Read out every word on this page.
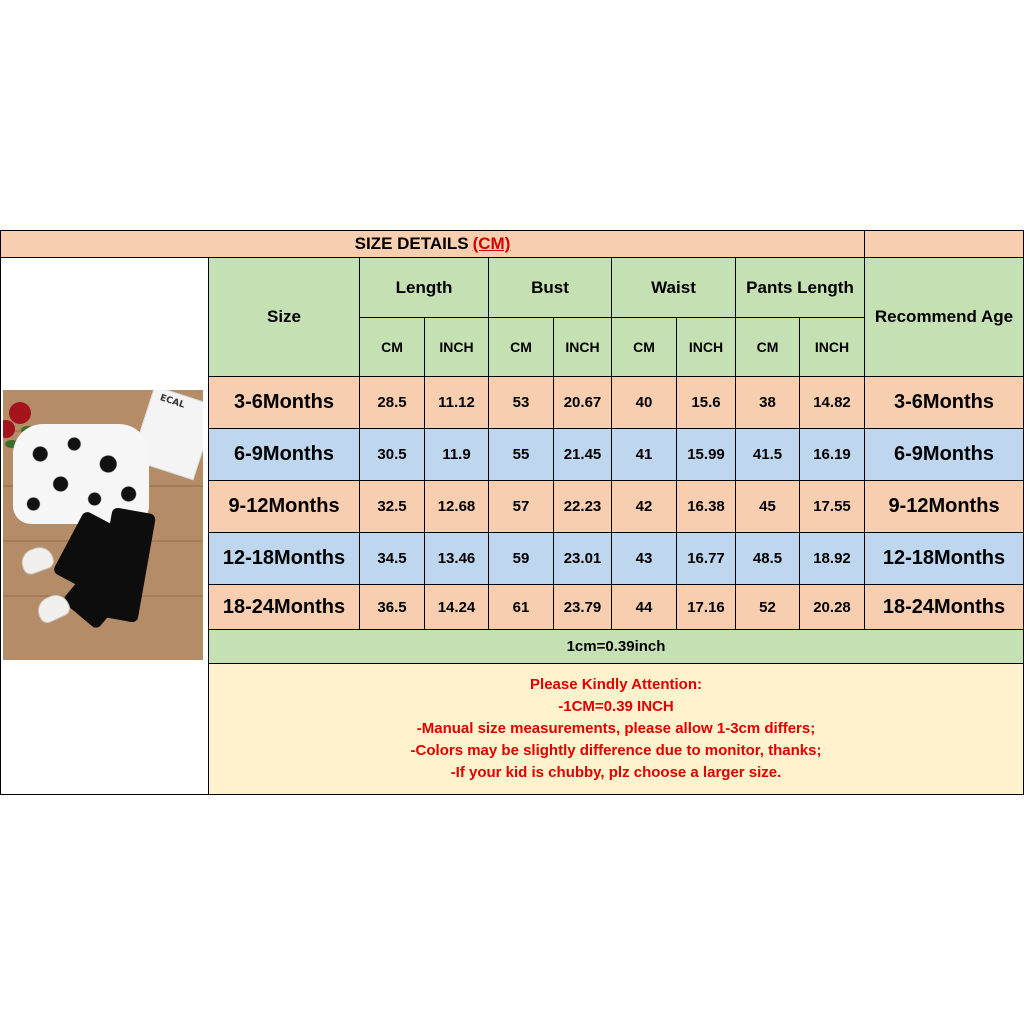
SIZE DETAILS (CM)
ECAL
Size
Length	Bust	Waist	Pants Length
Recommend Age
CM	INCH	CM INCH CM INCH CM	INCH
3-6Months	28.5 11.12	53 20.67 40	15.6	38 14.82 3-6Months
6-9Months	30.5 11.9	55 21.45 41 15.99 41.5 16.19 6-9Months
9-12Months	32.5 12.68 57 22.23 42 16.38 45 17.55 9-12Months
12-18Months 34.5 13.46 59 23.01 43 16.77 48.5 18.92 12-18Months
18-24Months 36.5 14.24 61 23.79 44 17.16 52 20.28 18-24Months
1cm=0.39inch
Please Kindly Attention:
-1CM=0.39 INCH
-Manual size measurements, please allow 1-3cm differs;
-Colors may be slightly difference due to monitor, thanks;
-If your kid is chubby, plz choose a larger size.
